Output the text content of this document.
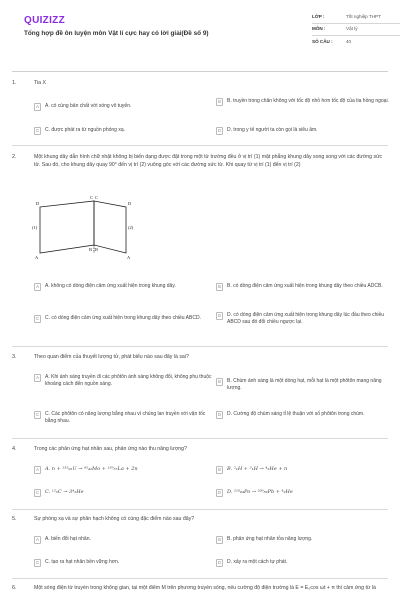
QUIZIZZ
Tổng hợp đề ôn luyện môn Vật lí cực hay có lời giải(Đề số 9)
LỚP :	Tốt nghiệp THPT
MÔN :	Vật lý
SỐ CÂU :	40
1.	Tia X
A	A. có cùng bản chất với sóng vô tuyến.
B	B. truyền trong chân không với tốc độ nhỏ hơn tốc độ của tia hồng ngoại.
C	C. được phát ra từ nguồn phóng xạ.	D	D. trong y tế người ta còn gọi là siêu âm.
2.	Một khung dây dẫn hình chữ nhật không bị biến dạng được đặt trong một từ trường đều ở vị trí (1) mặt phẳng khung dây song song với các đường sức từ. Sau đó, cho khung dây quay 90° đến vị trí (2) vuông góc với các đường sức từ. Khi quay từ vị trí (1) đến vị trí (2)
C C
D	D
(1)	(2)
B B
A	A
A	A. không có dòng điện cảm ứng xuất hiện trong khung dây.	B	B. có dòng điện cảm ứng xuất hiện trong khung dây theo chiều ADCB.
C	C. có dòng điện cảm ứng xuất hiện trong khung dây theo chiều ABCD.	D	D. có dòng điện cảm ứng xuất hiện trong khung dây lúc đầu theo chiều ABCD sau đó đổi chiều ngược lại.
3.	Theo quan điểm của thuyết lượng tử, phát biểu nào sau đây là sai?
A	A. Khi ánh sáng truyền đi các phôtôn ánh sáng không đổi, không phụ thuộc khoảng cách đến nguồn sáng.	B	B. Chùm ánh sáng là một dòng hạt, mỗi hạt là một phôtôn mang năng lượng.
C	C. Các phôtôn có năng lượng bằng nhau vì chúng lan truyền với vận tốc bằng nhau.
D	D. Cường độ chùm sáng tỉ lệ thuận với số phôtôn trong chùm.
4.	Trong các phản ứng hạt nhân sau, phản ứng nào thu năng lượng?
A	A. n + ²³⁵₉₂U → ⁹⁵₄₂Mo + ¹³⁹₅₇La + 2n	B	B. ²₁H + ³₁H → ⁴₂He + n
C	C. ¹²₆C → 3⁴₂He	D	D. ²¹⁰₈₄Po → ²⁰⁶₈₂Pb + ⁴₂He
5.	Sự phóng xạ và sự phân hạch không có cùng đặc điểm nào sau đây?
A	A. biến đổi hạt nhân.	B	B. phản ứng hạt nhân tỏa năng lượng.
C	C. tạo ra hạt nhân bền vững hơn.	D	D. xảy ra một cách tự phát.
6.	Một sóng điện từ truyền trong không gian, tại một điểm M trên phương truyền sóng, nếu cường độ điện trường là E = E₀cos ωt + π thì cảm ứng từ là
